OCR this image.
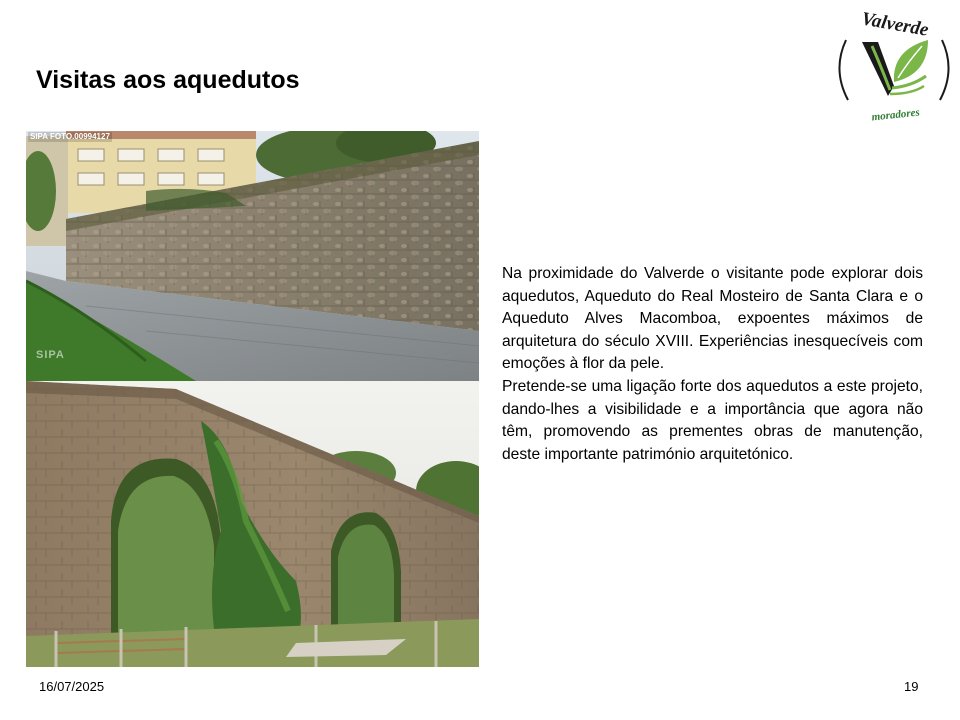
Visitas aos aquedutos
Valverde
moradores
SIPA FOTO.00994127
SIPA

Na proximidade do Valverde o visitante pode explorar dois aquedutos, Aqueduto do Real Mosteiro de Santa Clara e o Aqueduto Alves Macomboa, expoentes máximos de arquitetura do século XVIII. Experiências inesquecíveis com emoções à flor da pele.

Pretende-se uma ligação forte dos aquedutos a este projeto, dando-lhes a visibilidade e a importância que agora não têm, promovendo as prementes obras de manutenção, deste importante património arquitetónico.

16/07/2025	19
